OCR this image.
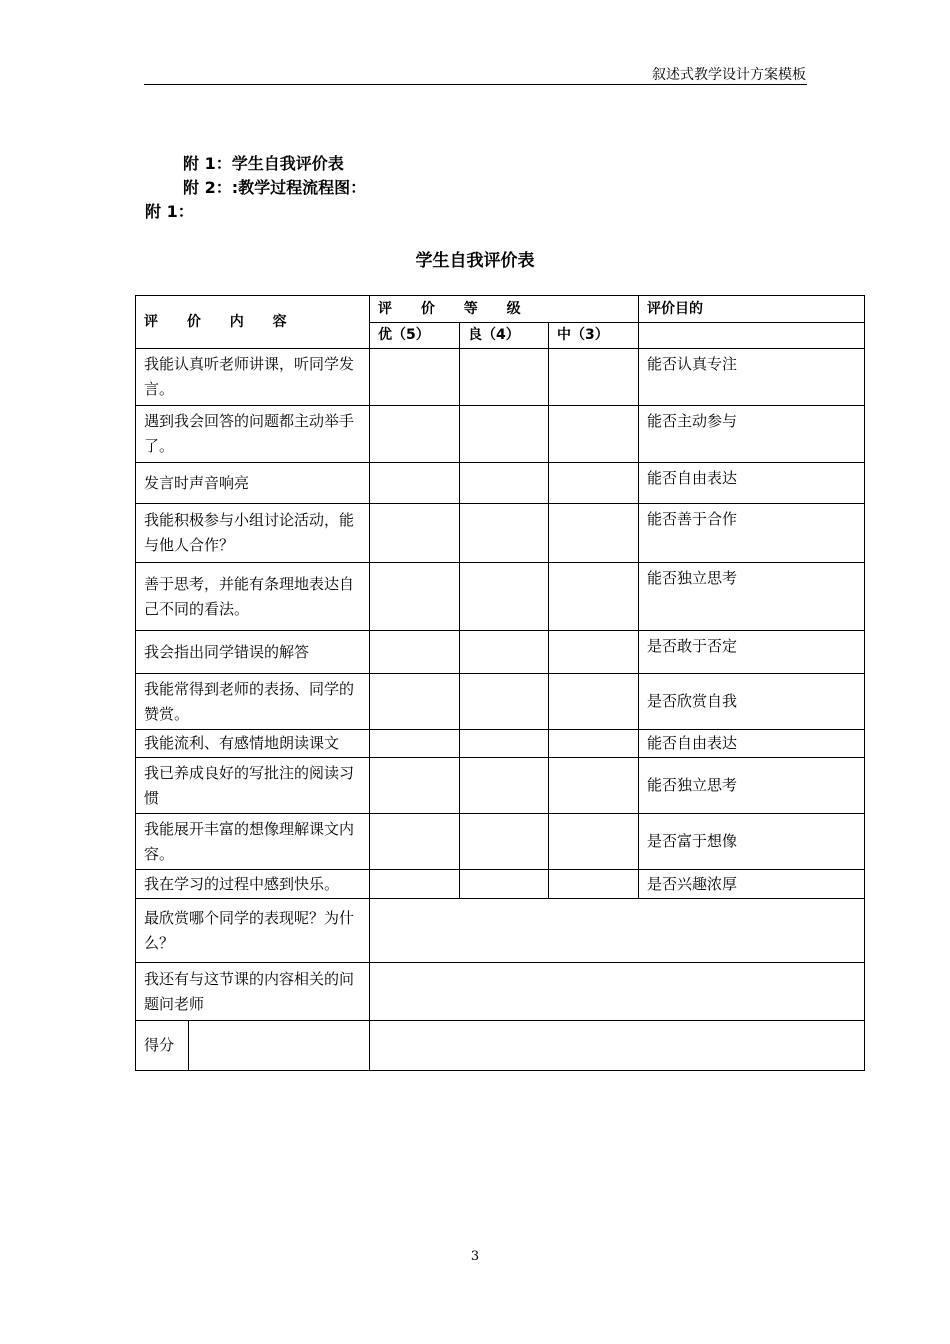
叙述式教学设计方案模板
附 1：学生自我评价表
附 2：:教学过程流程图：
附 1：
学生自我评价表
评 价 内 容		评 价 等 级			评价目的
		优（5）	良（4）	中（3）	
我能认真听老师讲课，听同学发言。					能否认真专注
遇到我会回答的问题都主动举手了。					能否主动参与
发言时声音响亮					能否自由表达
我能积极参与小组讨论活动，能与他人合作？					能否善于合作
善于思考，并能有条理地表达自己不同的看法。					能否独立思考
我会指出同学错误的解答					是否敢于否定
我能常得到老师的表扬、同学的赞赏。					是否欣赏自我
我能流利、有感情地朗读课文					能否自由表达
我已养成良好的写批注的阅读习惯					能否独立思考
我能展开丰富的想像理解课文内容。					是否富于想像
我在学习的过程中感到快乐。					是否兴趣浓厚
最欣赏哪个同学的表现呢？为什么？					
我还有与这节课的内容相关的问题问老师					
得分					
3
